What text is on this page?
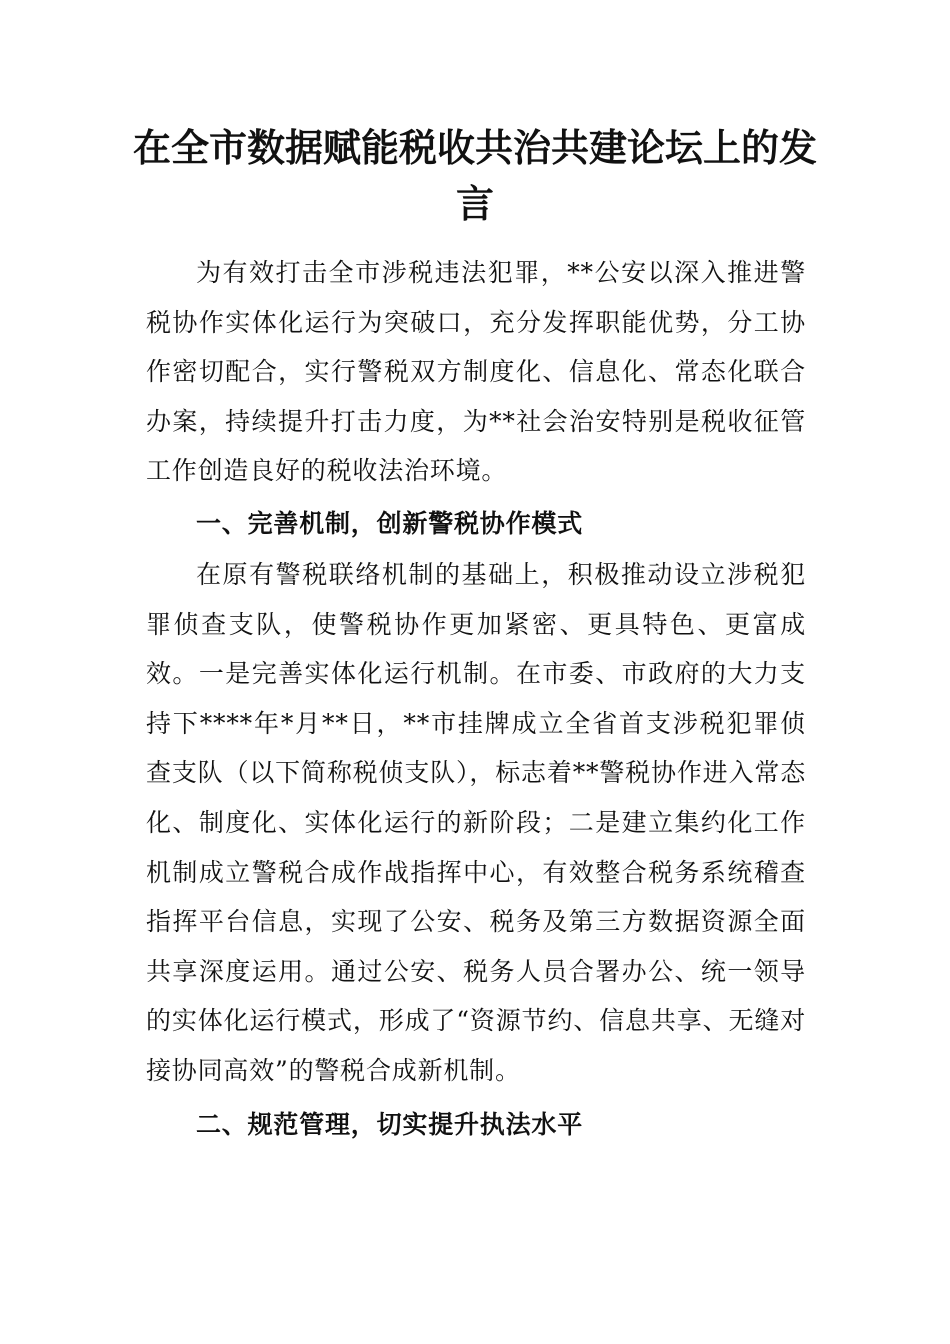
在全市数据赋能税收共治共建论坛上的发言

为有效打击全市涉税违法犯罪，**公安以深入推进警税协作实体化运行为突破口，充分发挥职能优势，分工协作密切配合，实行警税双方制度化、信息化、常态化联合办案，持续提升打击力度，为**社会治安特别是税收征管工作创造良好的税收法治环境。

一、完善机制，创新警税协作模式

在原有警税联络机制的基础上，积极推动设立涉税犯罪侦查支队，使警税协作更加紧密、更具特色、更富成效。一是完善实体化运行机制。在市委、市政府的大力支持下****年*月**日，**市挂牌成立全省首支涉税犯罪侦查支队（以下简称税侦支队），标志着**警税协作进入常态化、制度化、实体化运行的新阶段；二是建立集约化工作机制成立警税合成作战指挥中心，有效整合税务系统稽查指挥平台信息，实现了公安、税务及第三方数据资源全面共享深度运用。通过公安、税务人员合署办公、统一领导的实体化运行模式，形成了“资源节约、信息共享、无缝对接协同高效”的警税合成新机制。

二、规范管理，切实提升执法水平
